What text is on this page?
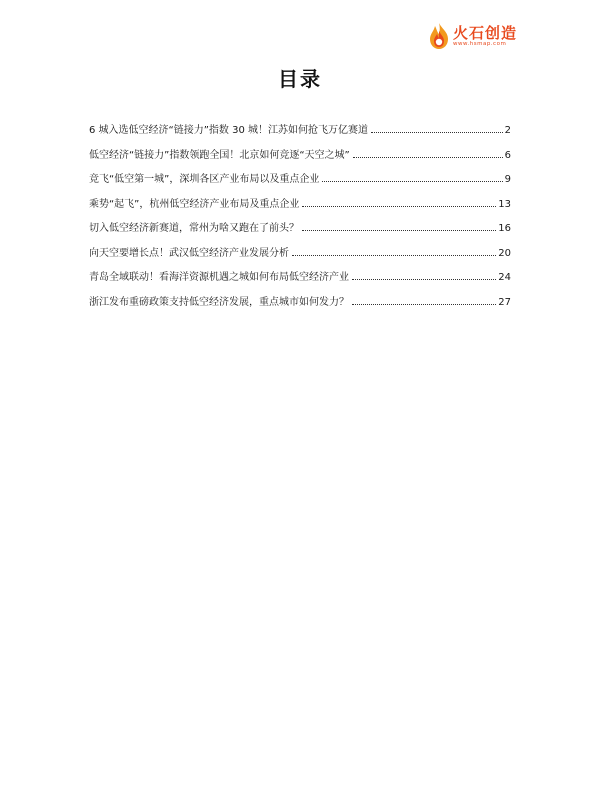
火石创造
www.hsmap.com
目录
6 城入选低空经济“链接力”指数 30 城！江苏如何抢飞万亿赛道	2
低空经济“链接力”指数领跑全国！北京如何竞逐“天空之城”	6
竞飞“低空第一城”，深圳各区产业布局以及重点企业	9
乘势“起飞”，杭州低空经济产业布局及重点企业	13
切入低空经济新赛道，常州为啥又跑在了前头？	16
向天空要增长点！武汉低空经济产业发展分析	20
青岛全域联动！看海洋资源机遇之城如何布局低空经济产业	24
浙江发布重磅政策支持低空经济发展，重点城市如何发力？	27
